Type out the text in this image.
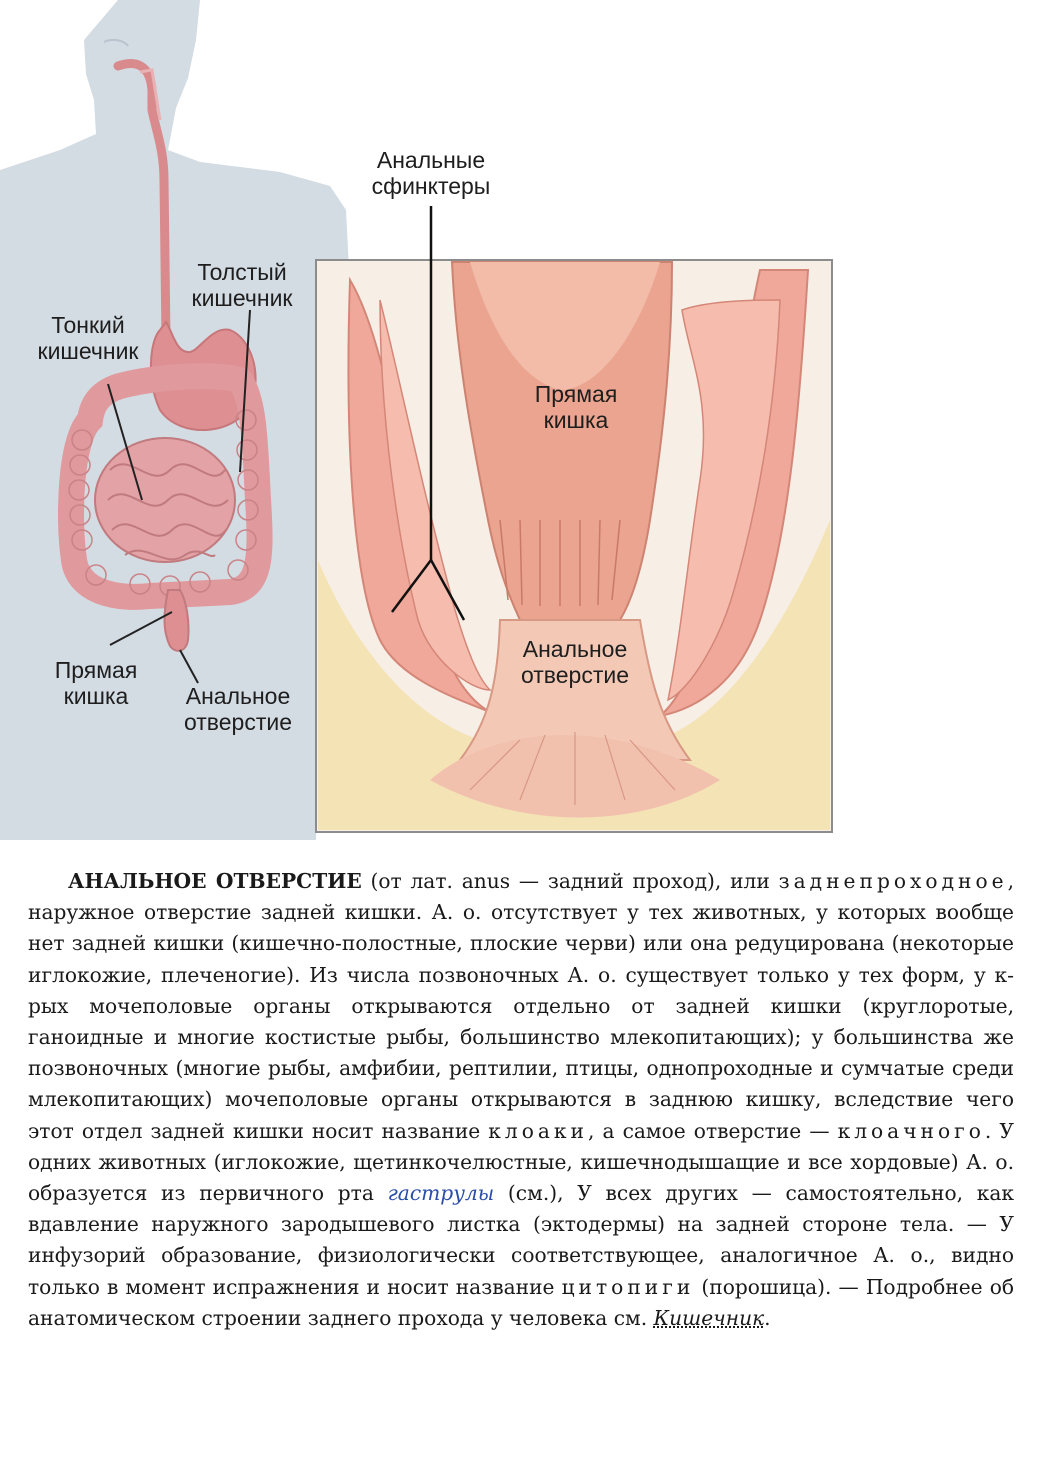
Тонкий
кишечник
Толстый
кишечник
Прямая
кишка	Анальное
отверстие
Анальные
сфинктеры
Прямая
кишка
Анальное
отверстие

АНАЛЬНОЕ ОТВЕРСТИЕ (от лат. anus — задний проход), или заднепроходное, наружное отверстие задней кишки. А. о. отсутствует у тех животных, у которых вообще нет задней кишки (кишечно-полостные, плоские черви) или она редуцирована (некоторые иглокожие, плеченогие). Из числа позвоночных А. о. существует только у тех форм, у к-рых мочеполовые органы открываются отдельно от задней кишки (круглоротые, ганоидные и многие костистые рыбы, большинство млекопитающих); у большинства же позвоночных (многие рыбы, амфибии, рептилии, птицы, однопроходные и сумчатые среди млекопитающих) мочеполовые органы открываются в заднюю кишку, вследствие чего этот отдел задней кишки носит название клоаки, а самое отверстие — клоачного. У одних животных (иглокожие, щетинкочелюстные, кишечнодышащие и все хордовые) А. о. образуется из первичного рта гаструлы (см.), У всех других — самостоятельно, как вдавление наружного зародышевого листка (эктодермы) на задней стороне тела. — У инфузорий образование, физиологически соответствующее, аналогичное А. о., видно только в момент испражнения и носит название цитопиги (порошица). — Подробнее об анатомическом строении заднего прохода у человека см. Кишечник.
